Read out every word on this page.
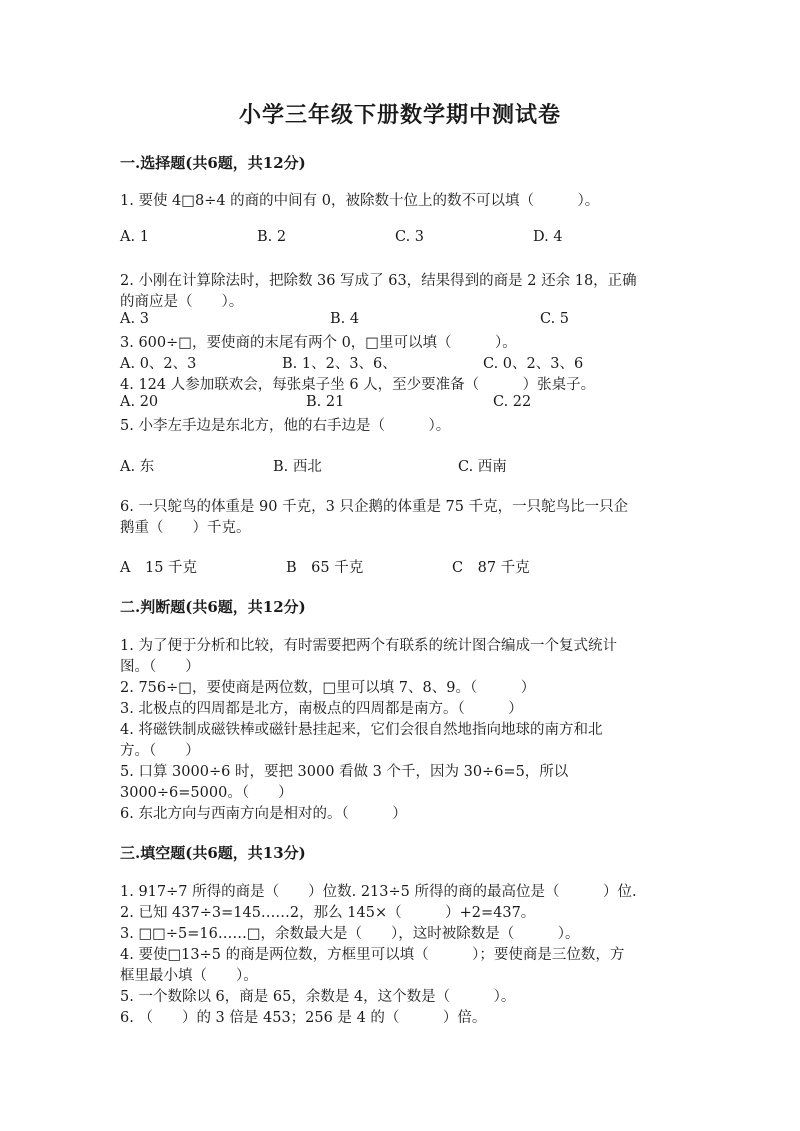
小学三年级下册数学期中测试卷
一.选择题(共6题，共12分)
1. 要使 4□8÷4 的商的中间有 0，被除数十位上的数不可以填（　　　）。
A. 1	B. 2	C. 3	D. 4
2. 小刚在计算除法时，把除数 36 写成了 63，结果得到的商是 2 还余 18，正确
的商应是（　　）。
A. 3	B. 4	C. 5
3. 600÷□，要使商的末尾有两个 0，□里可以填（　　　）。
A. 0、2、3	B. 1、2、3、6、	C. 0、2、3、6
4. 124 人参加联欢会，每张桌子坐 6 人，至少要准备（　　　）张桌子。
A. 20	B. 21	C. 22
5. 小李左手边是东北方，他的右手边是（　　　）。
A. 东	B. 西北	C. 西南
6. 一只鸵鸟的体重是 90 千克，3 只企鹅的体重是 75 千克，一只鸵鸟比一只企
鹅重（　　）千克。
A　15 千克	B　65 千克	C　87 千克
二.判断题(共6题，共12分)
1. 为了便于分析和比较，有时需要把两个有联系的统计图合编成一个复式统计
图。（　　）
2. 756÷□，要使商是两位数，□里可以填 7、8、9。（　　　）
3. 北极点的四周都是北方，南极点的四周都是南方。（　　　）
4. 将磁铁制成磁铁棒或磁针悬挂起来，它们会很自然地指向地球的南方和北
方。（　　）
5. 口算 3000÷6 时，要把 3000 看做 3 个千，因为 30÷6=5，所以
3000÷6=5000。（　　）
6. 东北方向与西南方向是相对的。（　　　）
三.填空题(共6题，共13分)
1. 917÷7 所得的商是（　　）位数. 213÷5 所得的商的最高位是（　　　）位.
2. 已知 437÷3=145……2，那么 145×（　　　）+2=437。
3. □□÷5=16……□，余数最大是（　　），这时被除数是（　　　）。
4. 要使□13÷5 的商是两位数，方框里可以填（　　　）；要使商是三位数，方
框里最小填（　　）。
5. 一个数除以 6，商是 65，余数是 4，这个数是（　　　）。
6. （　　）的 3 倍是 453；256 是 4 的（　　　）倍。
